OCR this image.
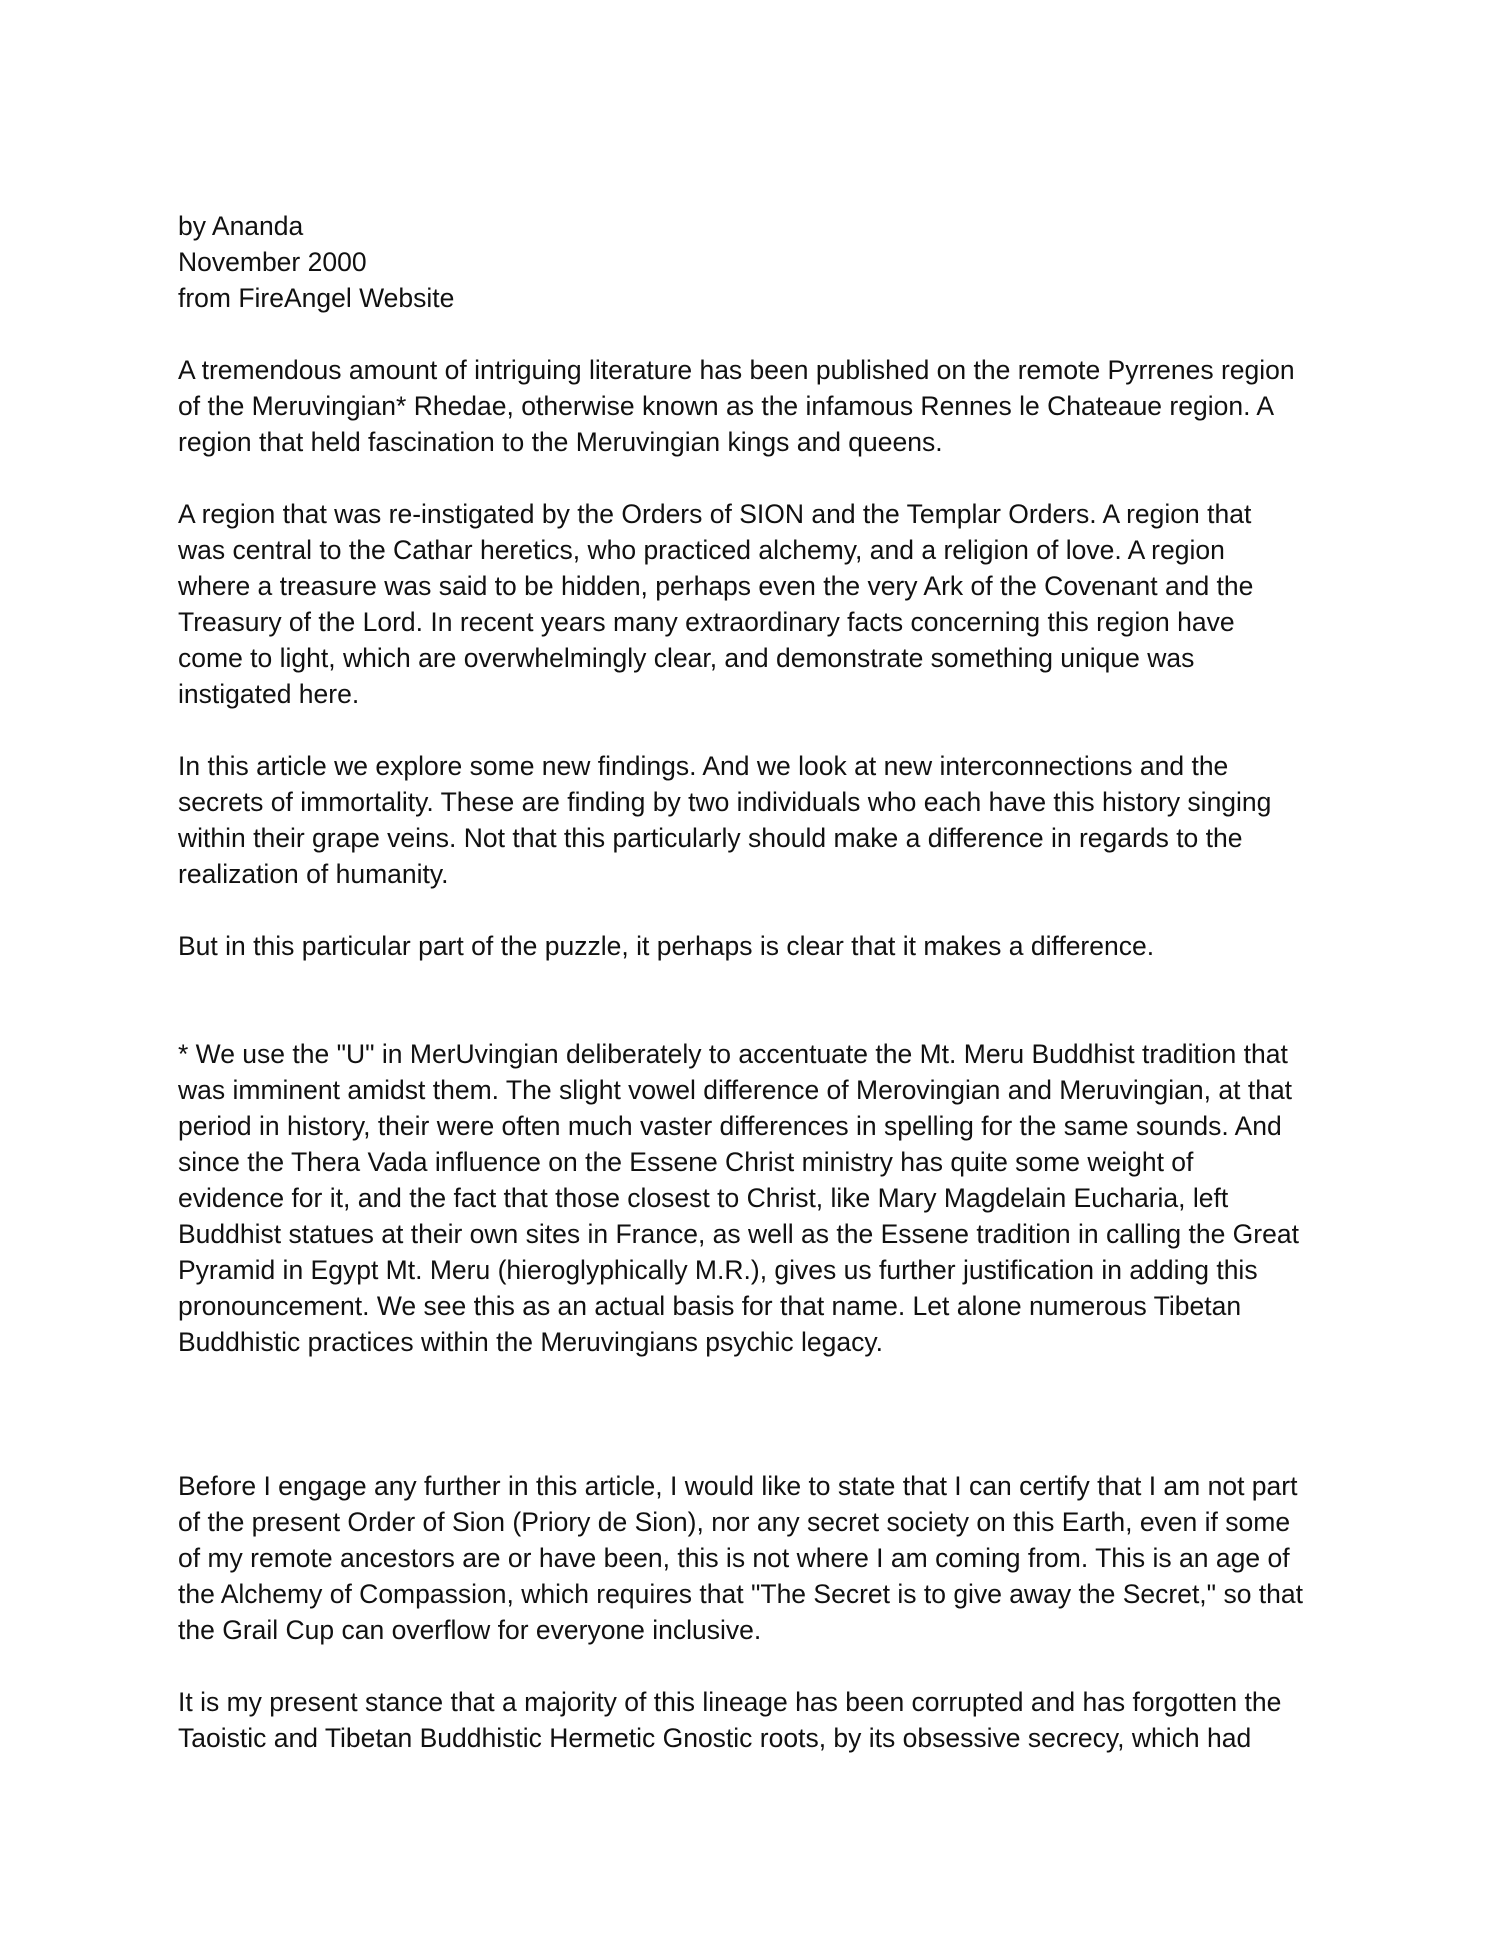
by Ananda
November 2000
from FireAngel Website
A tremendous amount of intriguing literature has been published on the remote Pyrrenes region
of the Meruvingian* Rhedae, otherwise known as the infamous Rennes le Chateaue region. A
region that held fascination to the Meruvingian kings and queens.
A region that was re-instigated by the Orders of SION and the Templar Orders. A region that
was central to the Cathar heretics, who practiced alchemy, and a religion of love. A region
where a treasure was said to be hidden, perhaps even the very Ark of the Covenant and the
Treasury of the Lord. In recent years many extraordinary facts concerning this region have
come to light, which are overwhelmingly clear, and demonstrate something unique was
instigated here.
In this article we explore some new findings. And we look at new interconnections and the
secrets of immortality. These are finding by two individuals who each have this history singing
within their grape veins. Not that this particularly should make a difference in regards to the
realization of humanity.
But in this particular part of the puzzle, it perhaps is clear that it makes a difference.
* We use the "U" in MerUvingian deliberately to accentuate the Mt. Meru Buddhist tradition that
was imminent amidst them. The slight vowel difference of Merovingian and Meruvingian, at that
period in history, their were often much vaster differences in spelling for the same sounds. And
since the Thera Vada influence on the Essene Christ ministry has quite some weight of
evidence for it, and the fact that those closest to Christ, like Mary Magdelain Eucharia, left
Buddhist statues at their own sites in France, as well as the Essene tradition in calling the Great
Pyramid in Egypt Mt. Meru (hieroglyphically M.R.), gives us further justification in adding this
pronouncement. We see this as an actual basis for that name. Let alone numerous Tibetan
Buddhistic practices within the Meruvingians psychic legacy.
Before I engage any further in this article, I would like to state that I can certify that I am not part
of the present Order of Sion (Priory de Sion), nor any secret society on this Earth, even if some
of my remote ancestors are or have been, this is not where I am coming from. This is an age of
the Alchemy of Compassion, which requires that "The Secret is to give away the Secret," so that
the Grail Cup can overflow for everyone inclusive.
It is my present stance that a majority of this lineage has been corrupted and has forgotten the
Taoistic and Tibetan Buddhistic Hermetic Gnostic roots, by its obsessive secrecy, which had
